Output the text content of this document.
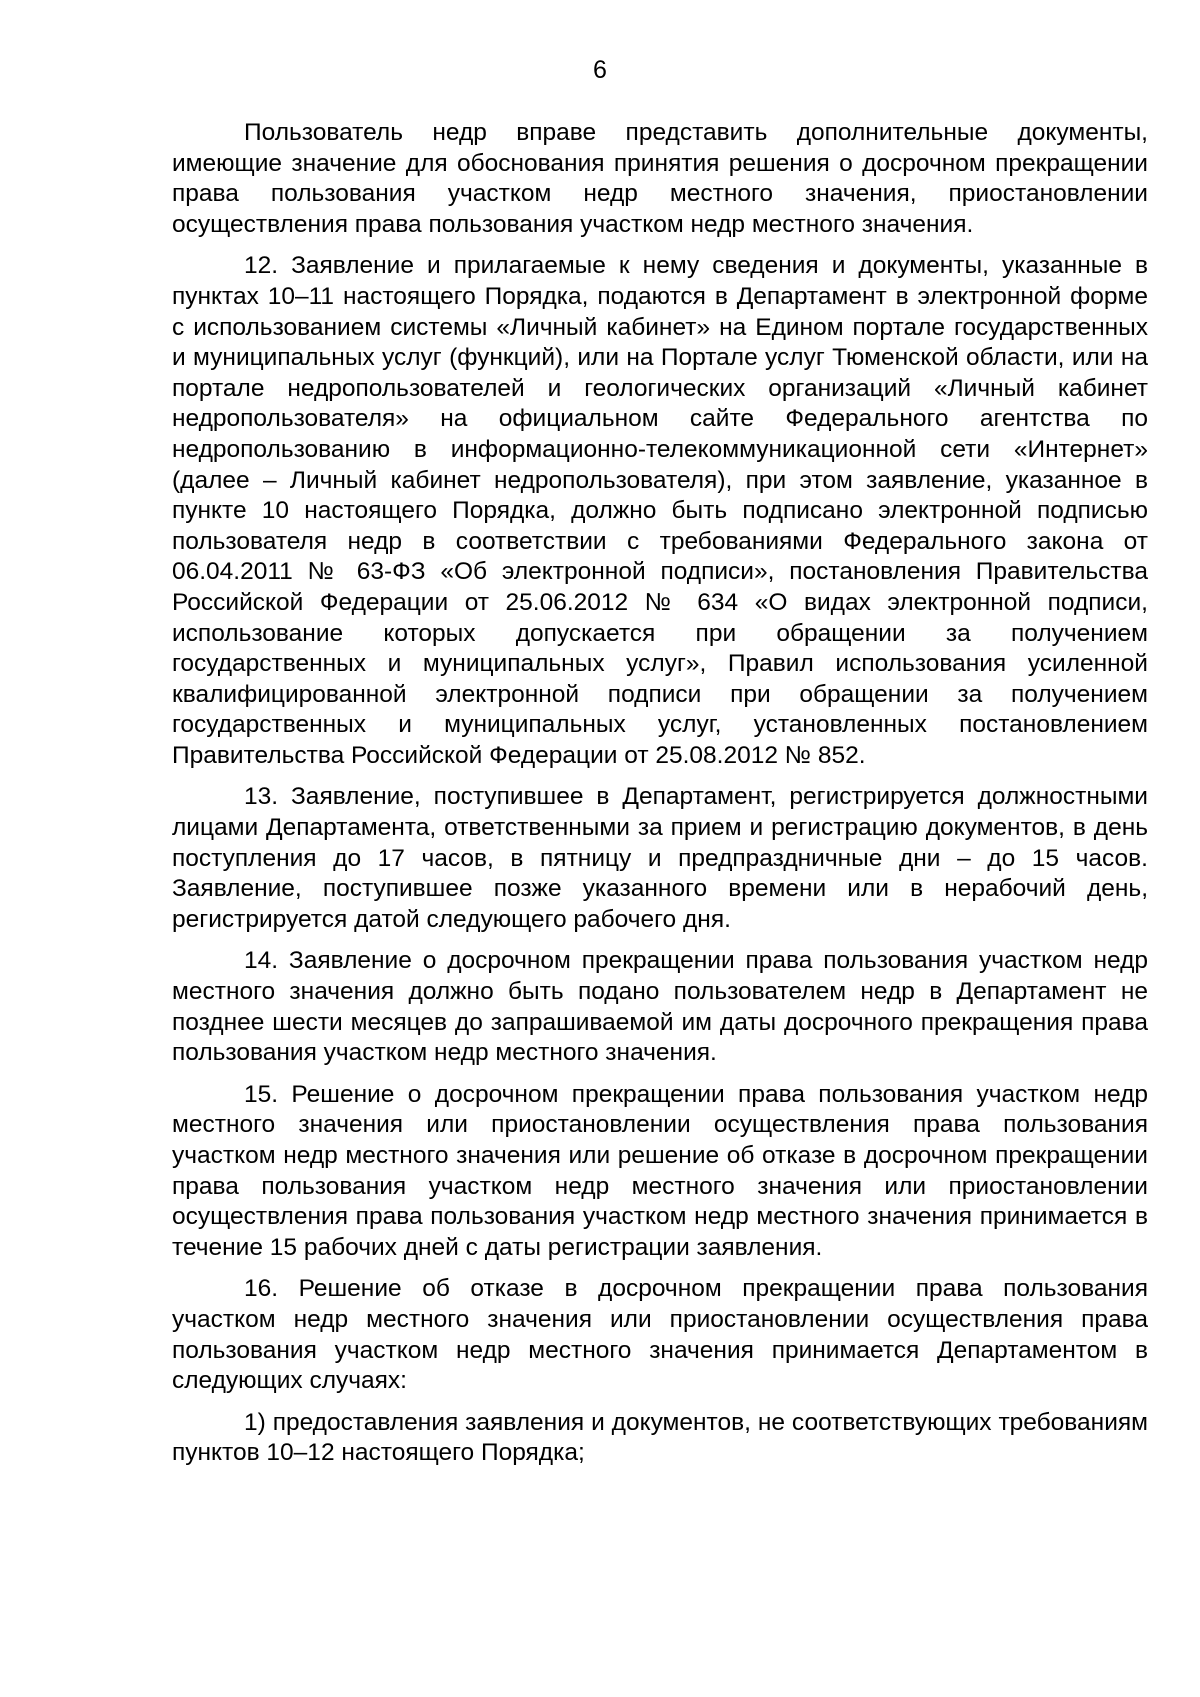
6

Пользователь недр вправе представить дополнительные документы, имеющие значение для обоснования принятия решения о досрочном прекращении права пользования участком недр местного значения, приостановлении осуществления права пользования участком недр местного значения.

12. Заявление и прилагаемые к нему сведения и документы, указанные в пунктах 10–11 настоящего Порядка, подаются в Департамент в электронной форме с использованием системы «Личный кабинет» на Едином портале государственных и муниципальных услуг (функций), или на Портале услуг Тюменской области, или на портале недропользователей и геологических организаций «Личный кабинет недропользователя» на официальном сайте Федерального агентства по недропользованию в информационно-телекоммуникационной сети «Интернет» (далее – Личный кабинет недропользователя), при этом заявление, указанное в пункте 10 настоящего Порядка, должно быть подписано электронной подписью пользователя недр в соответствии с требованиями Федерального закона от 06.04.2011 № 63-ФЗ «Об электронной подписи», постановления Правительства Российской Федерации от 25.06.2012 № 634 «О видах электронной подписи, использование которых допускается при обращении за получением государственных и муниципальных услуг», Правил использования усиленной квалифицированной электронной подписи при обращении за получением государственных и муниципальных услуг, установленных постановлением Правительства Российской Федерации от 25.08.2012 № 852.

13. Заявление, поступившее в Департамент, регистрируется должностными лицами Департамента, ответственными за прием и регистрацию документов, в день поступления до 17 часов, в пятницу и предпраздничные дни – до 15 часов. Заявление, поступившее позже указанного времени или в нерабочий день, регистрируется датой следующего рабочего дня.

14. Заявление о досрочном прекращении права пользования участком недр местного значения должно быть подано пользователем недр в Департамент не позднее шести месяцев до запрашиваемой им даты досрочного прекращения права пользования участком недр местного значения.

15. Решение о досрочном прекращении права пользования участком недр местного значения или приостановлении осуществления права пользования участком недр местного значения или решение об отказе в досрочном прекращении права пользования участком недр местного значения или приостановлении осуществления права пользования участком недр местного значения принимается в течение 15 рабочих дней с даты регистрации заявления.

16. Решение об отказе в досрочном прекращении права пользования участком недр местного значения или приостановлении осуществления права пользования участком недр местного значения принимается Департаментом в следующих случаях:

1) предоставления заявления и документов, не соответствующих требованиям пунктов 10–12 настоящего Порядка;
